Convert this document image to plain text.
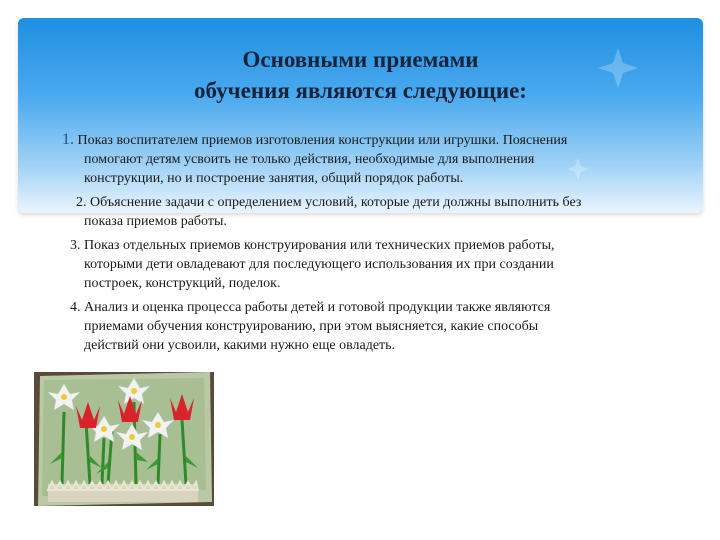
Основными приемами
обучения являются следующие:

1. Показ воспитателем приемов изготовления конструкции или игрушки. Пояснения

помогают детям усвоить не только действия, необходимые для выполнения

конструкции, но и построение занятия, общий порядок работы.

2. Объяснение задачи с определением условий, которые дети должны выполнить без

показа приемов работы.

3. Показ отдельных приемов конструирования или технических приемов работы,

которыми дети овладевают для последующего использования их при создании

построек, конструкций, поделок.

4. Анализ и оценка процесса работы детей и готовой продукции также являются

приемами обучения конструированию, при этом выясняется, какие способы

действий они усвоили, какими нужно еще овладеть.
